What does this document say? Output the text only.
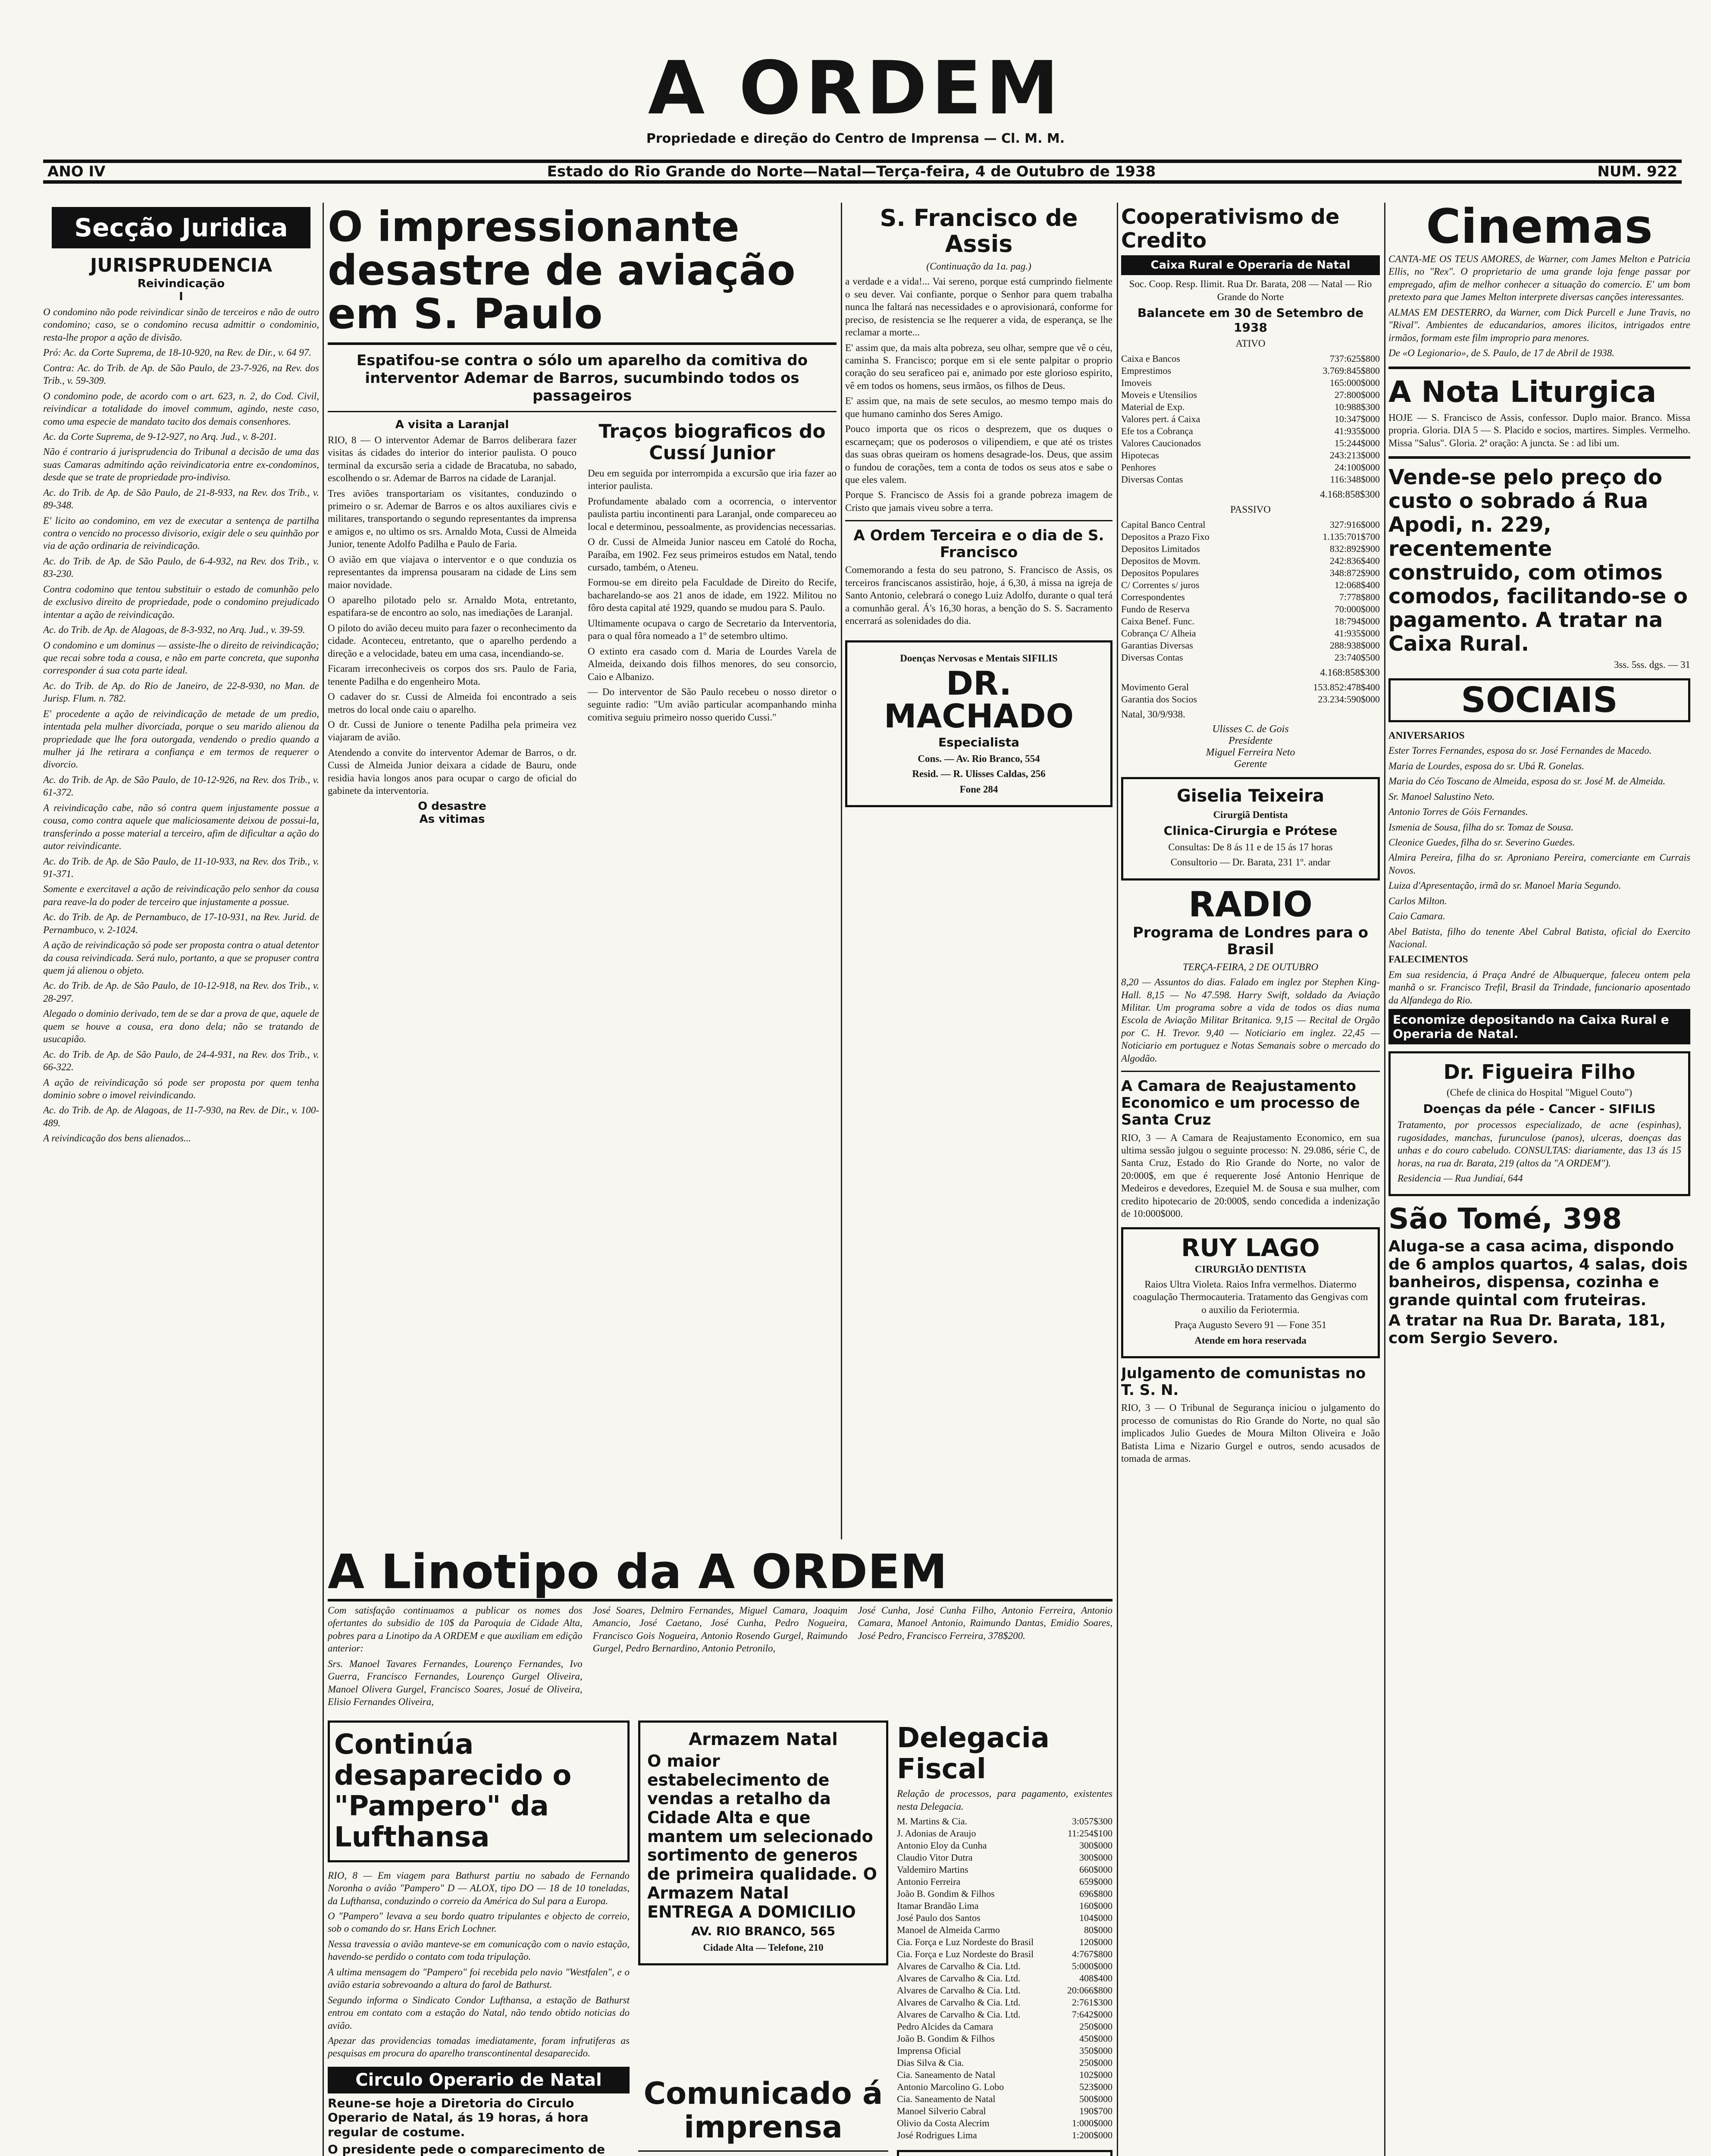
A ORDEM
Propriedade e direção do Centro de Imprensa — Cl. M. M.
ANO IV	Estado do Rio Grande do Norte—Natal—Terça-feira, 4 de Outubro de 1938	NUM. 922
Secção Juridica
JURISPRUDENCIA
Reivindicação
I
O condomino não pode reivindicar sinão de terceiros e não de outro condomino; caso, se o condomino recusa admittir o condominio, resta-lhe propor a ação de divisão.
Pró: Ac. da Corte Suprema, de 18-10-920, na Rev. de Dir., v. 64 97.
Contra: Ac. do Trib. de Ap. de São Paulo, de 23-7-926, na Rev. dos Trib., v. 59-309.
O condomino pode, de acordo com o art. 623, n. 2, do Cod. Civil, reivindicar a totalidade do imovel commum, agindo, neste caso, como uma especie de mandato tacito dos demais consenhores.
Ac. da Corte Suprema, de 9-12-927, no Arq. Jud., v. 8-201.
Não é contrario á jurisprudencia do Tribunal a decisão de uma das suas Camaras admitindo ação reivindicatoria entre ex-condominos, desde que se trate de propriedade pro-indiviso.
Ac. do Trib. de Ap. de São Paulo, de 21-8-933, na Rev. dos Trib., v. 89-348.
E' licito ao condomino, em vez de executar a sentença de partilha contra o vencido no processo divisorio, exigir dele o seu quinhão por via de ação ordinaria de reivindicação.
Ac. do Trib. de Ap. de São Paulo, de 6-4-932, na Rev. dos Trib., v. 83-230.
Contra codomino que tentou substituir o estado de comunhão pelo de exclusivo direito de propriedade, pode o condomino prejudicado intentar a ação de reivindicação.
Ac. do Trib. de Ap. de Alagoas, de 8-3-932, no Arq. Jud., v. 39-59.
O condomino e um dominus — assiste-lhe o direito de reivindicação; que recai sobre toda a cousa, e não em parte concreta, que suponha corresponder á sua cota parte ideal.
Ac. do Trib. de Ap. do Rio de Janeiro, de 22-8-930, no Man. de Jurisp. Flum. n. 782.
E' procedente a ação de reivindicação de metade de um predio, intentada pela mulher divorciada, porque o seu marido alienou da propriedade que lhe fora outorgada, vendendo o predio quando a mulher já lhe retirara a confiança e em termos de requerer o divorcio.
Ac. do Trib. de Ap. de São Paulo, de 10-12-926, na Rev. dos Trib., v. 61-372.
A reivindicação cabe, não só contra quem injustamente possue a cousa, como contra aquele que maliciosamente deixou de possui-la, transferindo a posse material a terceiro, afim de dificultar a ação do autor reivindicante.
Ac. do Trib. de Ap. de São Paulo, de 11-10-933, na Rev. dos Trib., v. 91-371.
Somente e exercitavel a ação de reivindicação pelo senhor da cousa para reave-la do poder de terceiro que injustamente a possue.
Ac. do Trib. de Ap. de Pernambuco, de 17-10-931, na Rev. Jurid. de Pernambuco, v. 2-1024.
A ação de reivindicação só pode ser proposta contra o atual detentor da cousa reivindicada. Será nulo, portanto, a que se propuser contra quem já alienou o objeto.
Ac. do Trib. de Ap. de São Paulo, de 10-12-918, na Rev. dos Trib., v. 28-297.
Alegado o dominio derivado, tem de se dar a prova de que, aquele de quem se houve a cousa, era dono dela; não se tratando de usucapião.
Ac. do Trib. de Ap. de São Paulo, de 24-4-931, na Rev. dos Trib., v. 66-322.
A ação de reivindicação só pode ser proposta por quem tenha dominio sobre o imovel reivindicando.
Ac. do Trib. de Ap. de Alagoas, de 11-7-930, na Rev. de Dir., v. 100-489.
A reivindicação dos bens alienados...
O impressionante desastre de aviação em S. Paulo
Espatifou-se contra o sólo um aparelho da comitiva do interventor Ademar de Barros, sucumbindo todos os passageiros
A visita a Laranjal
RIO, 8 — O interventor Ademar de Barros deliberara fazer visitas ás cidades do interior do interior paulista. O pouco terminal da excursão seria a cidade de Bracatuba, no sabado, escolhendo o sr. Ademar de Barros na cidade de Laranjal.
Tres aviões transportariam os visitantes, conduzindo o primeiro o sr. Ademar de Barros e os altos auxiliares civis e militares, transportando o segundo representantes da imprensa e amigos e, no ultimo os srs. Arnaldo Mota, Cussi de Almeida Junior, tenente Adolfo Padilha e Paulo de Faria.
O avião em que viajava o interventor e o que conduzia os representantes da imprensa pousaram na cidade de Lins sem maior novidade.
O aparelho pilotado pelo sr. Arnaldo Mota, entretanto, espatifara-se de encontro ao solo, nas imediações de Laranjal.
O piloto do avião deceu muito para fazer o reconhecimento da cidade. Aconteceu, entretanto, que o aparelho perdendo a direção e a velocidade, bateu em uma casa, incendiando-se.
Ficaram irreconheciveis os corpos dos srs. Paulo de Faria, tenente Padilha e do engenheiro Mota.
O cadaver do sr. Cussi de Almeida foi encontrado a seis metros do local onde caiu o aparelho.
O dr. Cussi de Juniore o tenente Padilha pela primeira vez viajaram de avião.
Atendendo a convite do interventor Ademar de Barros, o dr. Cussi de Almeida Junior deixara a cidade de Bauru, onde residia havia longos anos para ocupar o cargo de oficial do gabinete da interventoria.
O desastre
As vitimas
Traços biograficos do Cussí Junior
Deu em seguida por interrompida a excursão que iria fazer ao interior paulista.
Profundamente abalado com a ocorrencia, o interventor paulista partiu incontinenti para Laranjal, onde compareceu ao local e determinou, pessoalmente, as providencias necessarias.
O dr. Cussi de Almeida Junior nasceu em Catolé do Rocha, Paraíba, em 1902. Fez seus primeiros estudos em Natal, tendo cursado, também, o Ateneu.
Formou-se em direito pela Faculdade de Direito do Recife, bacharelando-se aos 21 anos de idade, em 1922. Militou no fôro desta capital até 1929, quando se mudou para S. Paulo.
Ultimamente ocupava o cargo de Secretario da Interventoria, para o qual fôra nomeado a 1º de setembro ultimo.
O extinto era casado com d. Maria de Lourdes Varela de Almeida, deixando dois filhos menores, do seu consorcio, Caio e Albanizo.
— Do interventor de São Paulo recebeu o nosso diretor o seguinte radio: "Um avião particular acompanhando minha comitiva seguiu primeiro nosso querido Cussi."
S. Francisco de Assis
(Continuação da 1a. pag.)
a verdade e a vida!... Vai sereno, porque está cumprindo fielmente o seu dever. Vai confiante, porque o Senhor para quem trabalha nunca lhe faltará nas necessidades e o aprovisionará, conforme for preciso, de resistencia se lhe requerer a vida, de esperança, se lhe reclamar a morte...
E' assim que, da mais alta pobreza, seu olhar, sempre que vê o céu, caminha S. Francisco; porque em si ele sente palpitar o proprio coração do seu seraficeo pai e, animado por este glorioso espirito, vê em todos os homens, seus irmãos, os filhos de Deus.
E' assim que, na mais de sete seculos, ao mesmo tempo mais do que humano caminho dos Seres Amigo.
Pouco importa que os ricos o desprezem, que os duques o escarneçam; que os poderosos o vilipendiem, e que até os tristes das suas obras queiram os homens desagrade-los. Deus, que assim o fundou de corações, tem a conta de todos os seus atos e sabe o que eles valem.
Porque S. Francisco de Assis foi a grande pobreza imagem de Cristo que jamais viveu sobre a terra.
A Ordem Terceira e o dia de S. Francisco
Comemorando a festa do seu patrono, S. Francisco de Assis, os terceiros franciscanos assistirão, hoje, á 6,30, á missa na igreja de Santo Antonio, celebrará o conego Luiz Adolfo, durante o qual terá a comunhão geral. Á's 16,30 horas, a benção do S. S. Sacramento encerrará as solenidades do dia.
Doenças Nervosas e Mentais SIFILIS
DR. MACHADO
Especialista
Cons. — Av. Rio Branco, 554
Resid. — R. Ulisses Caldas, 256
Fone 284
A Linotipo da A ORDEM
Com satisfação continuamos a publicar os nomes dos ofertantes do subsidio de 10$ da Paroquia de Cidade Alta, pobres para a Linotipo da A ORDEM e que auxiliam em edição anterior:
Srs. Manoel Tavares Fernandes, Lourenço Fernandes, Ivo Guerra, Francisco Fernandes, Lourenço Gurgel Oliveira, Manoel Olivera Gurgel, Francisco Soares, Josué de Oliveira, Elisio Fernandes Oliveira,
José Soares, Delmiro Fernandes, Miguel Camara, Joaquim Amancio, José Caetano, José Cunha, Pedro Nogueira, Francisco Gois Nogueira, Antonio Rosendo Gurgel, Raimundo Gurgel, Pedro Bernardino, Antonio Petronilo,
José Cunha, José Cunha Filho, Antonio Ferreira, Antonio Camara, Manoel Antonio, Raimundo Dantas, Emidio Soares, José Pedro, Francisco Ferreira, 378$200.
Continúa desaparecido o "Pampero" da Lufthansa
RIO, 8 — Em viagem para Bathurst partiu no sabado de Fernando Noronha o avião "Pampero" D — ALOX, tipo DO — 18 de 10 toneladas, da Lufthansa, conduzindo o correio da América do Sul para a Europa.
O "Pampero" levava a seu bordo quatro tripulantes e objecto de correio, sob o comando do sr. Hans Erich Lochner.
Nessa travessia o avião manteve-se em comunicação com o navio estação, havendo-se perdido o contato com toda tripulação.
A ultima mensagem do "Pampero" foi recebida pelo navio "Westfalen", e o avião estaria sobrevoando a altura do farol de Bathurst.
Segundo informa o Sindicato Condor Lufthansa, a estação de Bathurst entrou em contato com a estação do Natal, não tendo obtido noticias do avião.
Apezar das providencias tomadas imediatamente, foram infrutiferas as pesquisas em procura do aparelho transcontinental desaparecido.
Circulo Operario de Natal
Reune-se hoje a Diretoria do Circulo Operario de Natal, ás 19 horas, á hora regular de costume.
O presidente pede o comparecimento de
Armazem Natal
O maior estabelecimento de vendas a retalho da Cidade Alta e que mantem um selecionado sortimento de generos de primeira qualidade. O Armazem Natal ENTREGA A DOMICILIO
AV. RIO BRANCO, 565
Cidade Alta — Telefone, 210
Comunicado á imprensa
Delegacia Fiscal
Relação de processos, para pagamento, existentes nesta Delegacia.
M. Martins & Cia.	3:057$300
J. Adonias de Araujo	11:254$100
Antonio Eloy da Cunha	300$000
Claudio Vitor Dutra	300$000
Valdemiro Martins	660$000
Antonio Ferreira	659$000
João B. Gondim & Filhos	696$800
Itamar Brandão Lima	160$000
José Paulo dos Santos	104$000
Manoel de Almeida Carmo	80$000
Cia. Força e Luz Nordeste do Brasil	120$000
Cia. Força e Luz Nordeste do Brasil	4:767$800
Alvares de Carvalho & Cia. Ltd.	5:000$000
Alvares de Carvalho & Cia. Ltd.	408$400
Alvares de Carvalho & Cia. Ltd.	20:066$800
Alvares de Carvalho & Cia. Ltd.	2:761$300
Alvares de Carvalho & Cia. Ltd.	7:642$000
Pedro Alcides da Camara	250$000
João B. Gondim & Filhos	450$000
Imprensa Oficial	350$000
Dias Silva & Cia.	250$000
Cia. Saneamento de Natal	102$000
Antonio Marcolino G. Lobo	523$000
Cia. Saneamento de Natal	500$000
Manoel Silverio Cabral	190$700
Olivio da Costa Alecrim	1:000$000
José Rodrigues Lima	1:200$000
Cooperativismo de Credito
Caixa Rural e Operaria de Natal
Soc. Coop. Resp. Ilimit. Rua Dr. Barata, 208 — Natal — Rio Grande do Norte
Balancete em 30 de Setembro de 1938
ATIVO
Caixa e Bancos	737:625$800
Emprestimos	3.769:845$800
Imoveis	165:000$000
Moveis e Utensilios	27:800$000
Material de Exp.	10:988$300
Valores pert. á Caixa	10:347$000
Efe tos a Cobrança	41:935$000
Valores Caucionados	15:244$000
Hipotecas	243:213$000
Penhores	24:100$000
Diversas Contas	116:348$000
4.168:858$300
PASSIVO
Capital Banco Central	327:916$000
Depositos a Prazo Fixo	1.135:701$700
Depositos Limitados	832:892$900
Depositos de Movm.	242:836$400
Depositos Populares	348:872$900
C/ Correntes s/ juros	12:068$400
Correspondentes	7:778$800
Fundo de Reserva	70:000$000
Caixa Benef. Func.	18:794$000
Cobrança C/ Alheia	41:935$000
Garantias Diversas	288:938$000
Diversas Contas	23:740$500
4.168:858$300
Movimento Geral	153.852:478$400
Garantia dos Socios	23.234:590$000
Natal, 30/9/938.
Ulisses C. de Gois
Presidente
Miguel Ferreira Neto
Gerente
Giselia Teixeira
Cirurgiã Dentista
Clinica-Cirurgia e Prótese
Consultas: De 8 ás 11 e de 15 ás 17 horas
Consultorio — Dr. Barata, 231 1º. andar
RADIO
Programa de Londres para o Brasil
TERÇA-FEIRA, 2 DE OUTUBRO
8,20 — Assuntos do dias. Falado em inglez por Stephen King-Hall. 8,15 — No 47.598. Harry Swift, soldado da Aviação Militar. Um programa sobre a vida de todos os dias numa Escola de Aviação Militar Britanica. 9,15 — Recital de Orgão por C. H. Trevor. 9,40 — Noticiario em inglez. 22,45 — Noticiario em portuguez e Notas Semanais sobre o mercado do Algodão.
A Camara de Reajustamento Economico e um processo de Santa Cruz
RIO, 3 — A Camara de Reajustamento Economico, em sua ultima sessão julgou o seguinte processo: N. 29.086, série C, de Santa Cruz, Estado do Rio Grande do Norte, no valor de 20:000$, em que é requerente José Antonio Henrique de Medeiros e devedores, Ezequiel M. de Sousa e sua mulher, com credito hipotecario de 20:000$, sendo concedida a indenização de 10:000$000.
RUY LAGO
CIRURGIÃO DENTISTA
Raios Ultra Violeta. Raios Infra vermelhos. Diatermo coagulação Thermocauteria. Tratamento das Gengivas com o auxilio da Feriotermia.
Praça Augusto Severo 91 — Fone 351
Atende em hora reservada
Julgamento de comunistas no T. S. N.
RIO, 3 — O Tribunal de Segurança iniciou o julgamento do processo de comunistas do Rio Grande do Norte, no qual são implicados Julio Guedes de Moura Milton Oliveira e João Batista Lima e Nizario Gurgel e outros, sendo acusados de tomada de armas.
Cinemas
CANTA-ME OS TEUS AMORES, de Warner, com James Melton e Patricia Ellis, no "Rex". O proprietario de uma grande loja fenge passar por empregado, afim de melhor conhecer a situação do comercio. E' um bom pretexto para que James Melton interprete diversas canções interessantes.
ALMAS EM DESTERRO, da Warner, com Dick Purcell e June Travis, no "Rival". Ambientes de educandarios, amores ilicitos, intrigados entre irmãos, formam este film improprio para menores.
De «O Legionario», de S. Paulo, de 17 de Abril de 1938.
A Nota Liturgica
HOJE — S. Francisco de Assis, confessor. Duplo maior. Branco. Missa propria. Gloria. DIA 5 — S. Placido e socios, martires. Simples. Vermelho. Missa "Salus". Gloria. 2ª oração: A juncta. Se : ad libi um.
Vende-se pelo preço do custo o sobrado á Rua Apodi, n. 229, recentemente construido, com otimos comodos, facilitando-se o pagamento. A tratar na Caixa Rural.
3ss. 5ss. dgs. — 31
SOCIAIS
ANIVERSARIOS
Ester Torres Fernandes, esposa do sr. José Fernandes de Macedo.
Maria de Lourdes, esposa do sr. Ubá R. Gonelas.
Maria do Céo Toscano de Almeida, esposa do sr. José M. de Almeida.
Sr. Manoel Salustino Neto.
Antonio Torres de Góis Fernandes.
Ismenia de Sousa, filha do sr. Tomaz de Sousa.
Cleonice Guedes, filha do sr. Severino Guedes.
Almira Pereira, filha do sr. Aproniano Pereira, comerciante em Currais Novos.
Luiza d'Apresentação, irmã do sr. Manoel Maria Segundo.
Carlos Milton.
Caio Camara.
Abel Batista, filho do tenente Abel Cabral Batista, oficial do Exercito Nacional.
FALECIMENTOS
Em sua residencia, á Praça André de Albuquerque, faleceu ontem pela manhã o sr. Francisco Trefil, Brasil da Trindade, funcionario aposentado da Alfandega do Rio.
Economize depositando na Caixa Rural e Operaria de Natal.
Dr. Figueira Filho
(Chefe de clinica do Hospital "Miguel Couto")
Doenças da péle - Cancer - SIFILIS
Tratamento, por processos especializado, de acne (espinhas), rugosidades, manchas, furunculose (panos), ulceras, doenças das unhas e do couro cabeludo. CONSULTAS: diariamente, das 13 ás 15 horas, na rua dr. Barata, 219 (altos da "A ORDEM").
Residencia — Rua Jundiaí, 644
São Tomé, 398
Aluga-se a casa acima, dispondo de 6 amplos quartos, 4 salas, dois banheiros, dispensa, cozinha e grande quintal com fruteiras.
A tratar na Rua Dr. Barata, 181, com Sergio Severo.
